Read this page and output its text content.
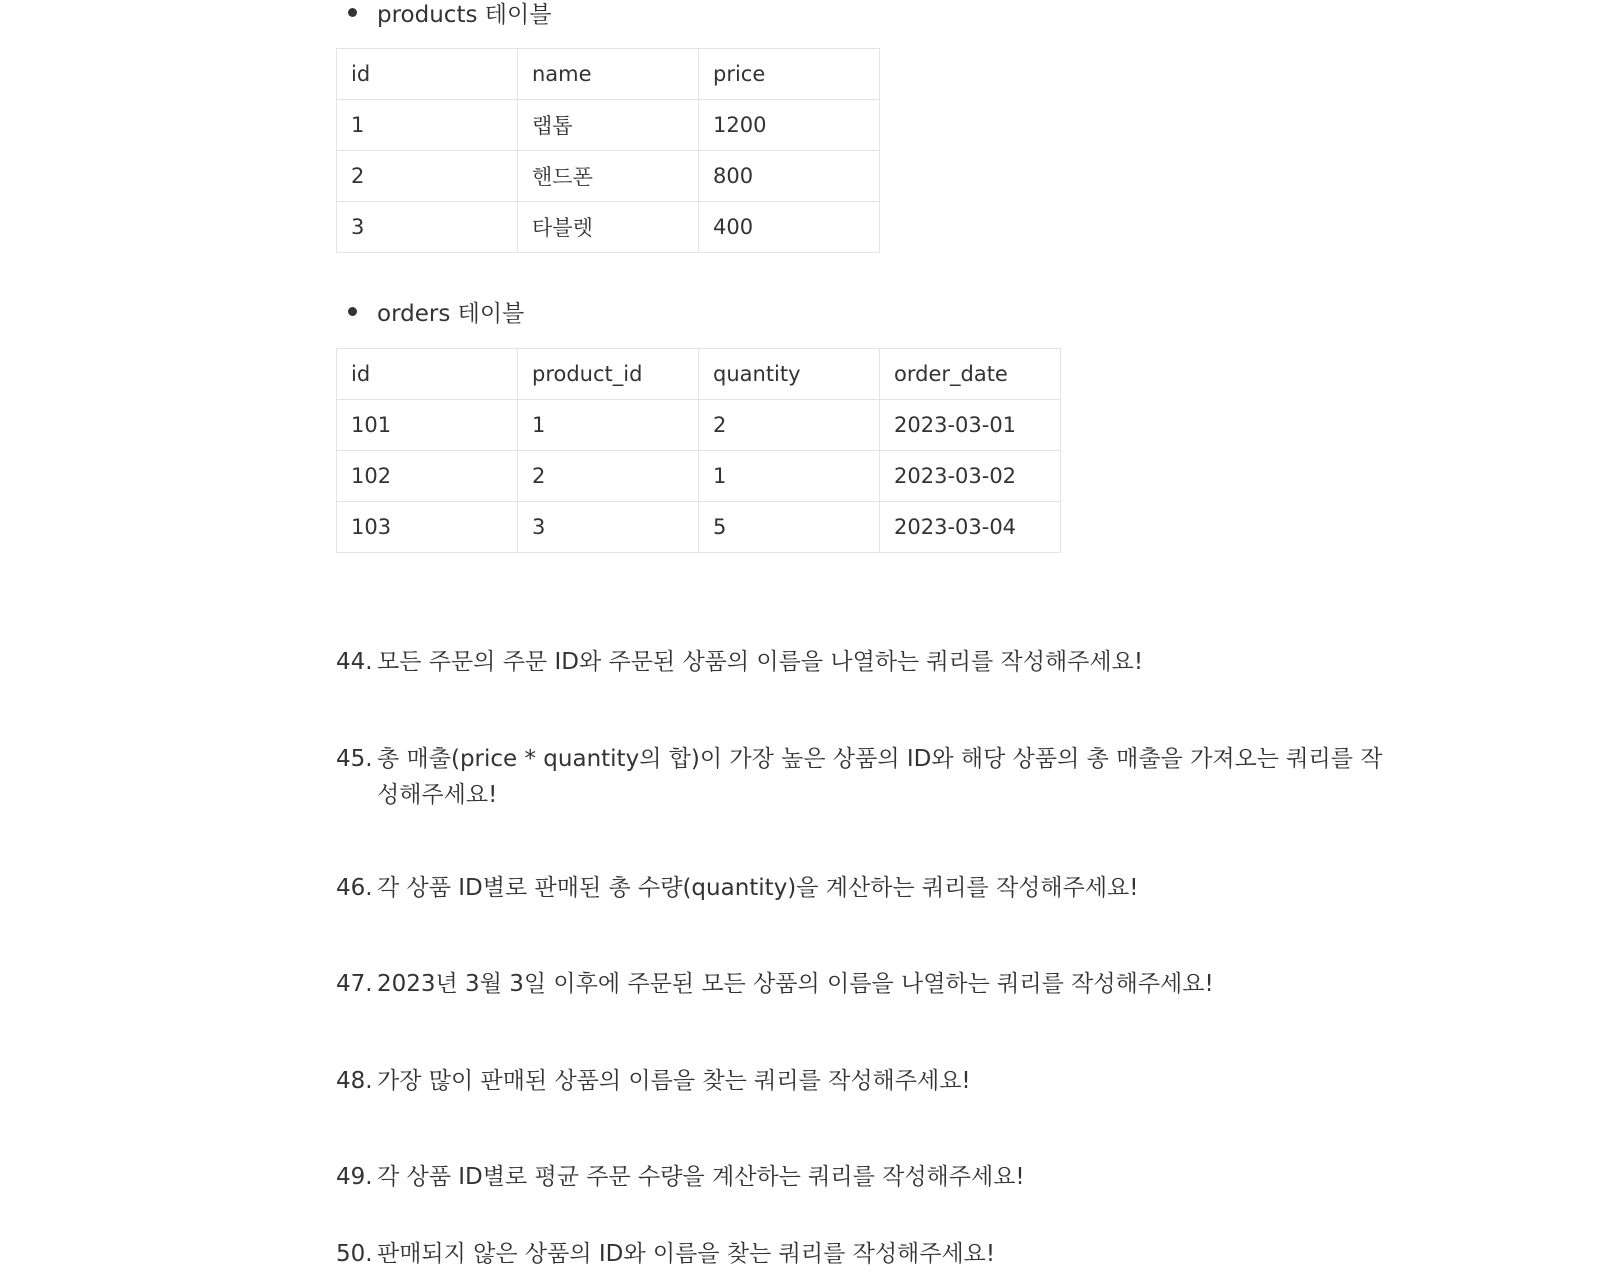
products 테이블
id	name	price
1	랩톱	1200
2	핸드폰	800
3	타블렛	400
orders 테이블
id	product_id	quantity	order_date
101	1	2	2023-03-01
102	2	1	2023-03-02
103	3	5	2023-03-04
44. 모든 주문의 주문 ID와 주문된 상품의 이름을 나열하는 쿼리를 작성해주세요!
45. 총 매출(price * quantity의 합)이 가장 높은 상품의 ID와 해당 상품의 총 매출을 가져오는 쿼리를 작성해주세요!
46. 각 상품 ID별로 판매된 총 수량(quantity)을 계산하는 쿼리를 작성해주세요!
47. 2023년 3월 3일 이후에 주문된 모든 상품의 이름을 나열하는 쿼리를 작성해주세요!
48. 가장 많이 판매된 상품의 이름을 찾는 쿼리를 작성해주세요!
49. 각 상품 ID별로 평균 주문 수량을 계산하는 쿼리를 작성해주세요!
50. 판매되지 않은 상품의 ID와 이름을 찾는 쿼리를 작성해주세요!
